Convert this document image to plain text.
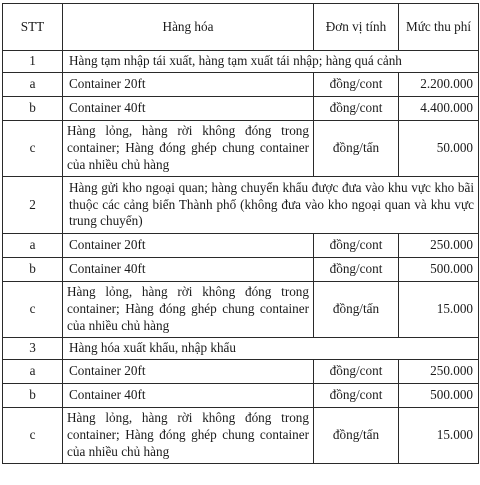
STT	Hàng hóa	Đơn vị tính	Mức thu phí
1	Hàng tạm nhập tái xuất, hàng tạm xuất tái nhập; hàng quá cảnh		
a	Container 20ft	đồng/cont	2.200.000
b	Container 40ft	đồng/cont	4.400.000
c	Hàng lỏng, hàng rời không đóng trong container; Hàng đóng ghép chung container của nhiều chủ hàng	đồng/tấn	50.000
2	Hàng gửi kho ngoại quan; hàng chuyển khẩu được đưa vào khu vực kho bãi thuộc các cảng biển Thành phố (không đưa vào kho ngoại quan và khu vực trung chuyển)		
a	Container 20ft	đồng/cont	250.000
b	Container 40ft	đồng/cont	500.000
c	Hàng lỏng, hàng rời không đóng trong container; Hàng đóng ghép chung container của nhiều chủ hàng	đồng/tấn	15.000
3	Hàng hóa xuất khẩu, nhập khẩu		
a	Container 20ft	đồng/cont	250.000
b	Container 40ft	đồng/cont	500.000
c	Hàng lỏng, hàng rời không đóng trong container; Hàng đóng ghép chung container của nhiều chủ hàng	đồng/tấn	15.000
